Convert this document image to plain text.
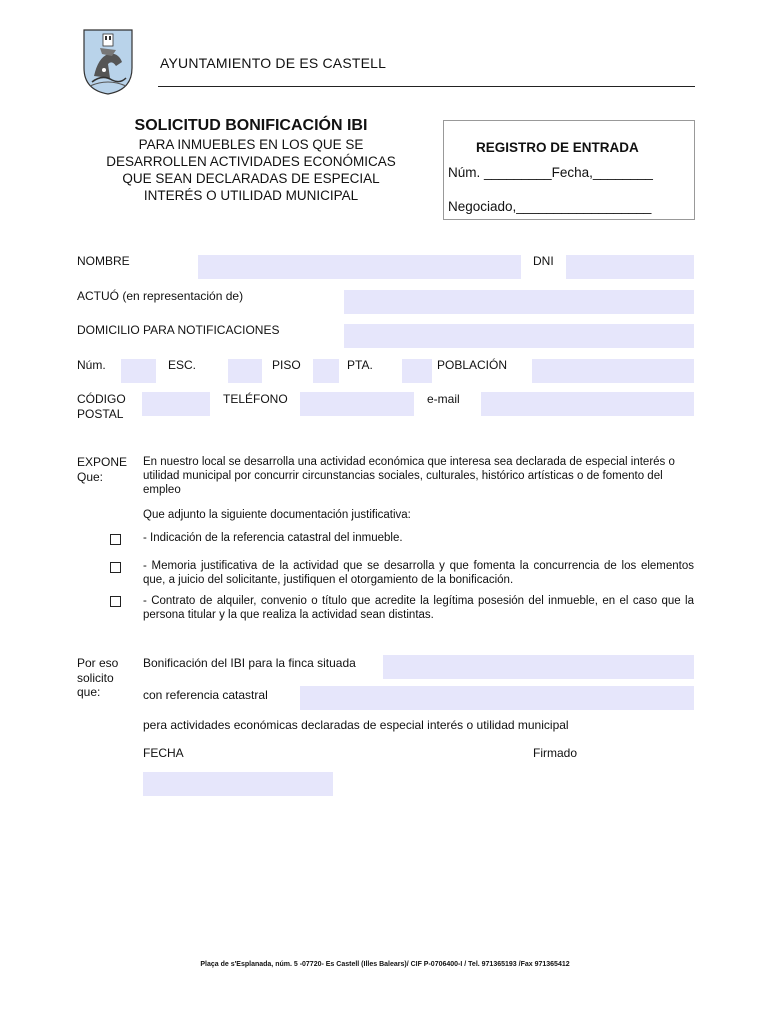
AYUNTAMIENTO DE ES CASTELL
SOLICITUD BONIFICACIÓN IBI
PARA INMUEBLES EN LOS QUE SE
DESARROLLEN ACTIVIDADES ECONÓMICAS
QUE SEAN DECLARADAS DE ESPECIAL
INTERÉS O UTILIDAD MUNICIPAL
REGISTRO DE ENTRADA
Núm. _________Fecha,________
Negociado,__________________
NOMBRE	DNI
ACTUÓ (en representación de)
DOMICILIO PARA NOTIFICACIONES
Núm.	ESC.	PISO	PTA.	POBLACIÓN
CÓDIGO
POSTAL
TELÉFONO	e-mail
EXPONE
Que:
En nuestro local se desarrolla una actividad económica que interesa sea declarada de especial interés o utilidad municipal por concurrir circunstancias sociales, culturales, histórico artísticas o de fomento del empleo
Que adjunto la siguiente documentación justificativa:
- Indicación de la referencia catastral del inmueble.
- Memoria justificativa de la actividad que se desarrolla y que fomenta la concurrencia de los elementos que, a juicio del solicitante, justifiquen el otorgamiento de la bonificación.
- Contrato de alquiler, convenio o título que acredite la legítima posesión del inmueble, en el caso que la persona titular y la que realiza la actividad sean distintas.
Por eso
solicito
que:
Bonificación del IBI para la finca situada
con referencia catastral
pera actividades económicas declaradas de especial interés o utilidad municipal
FECHA	Firmado
Plaça de s'Esplanada, núm. 5 -07720- Es Castell (Illes Balears)/ CIF P-0706400-I / Tel. 971365193 /Fax 971365412
